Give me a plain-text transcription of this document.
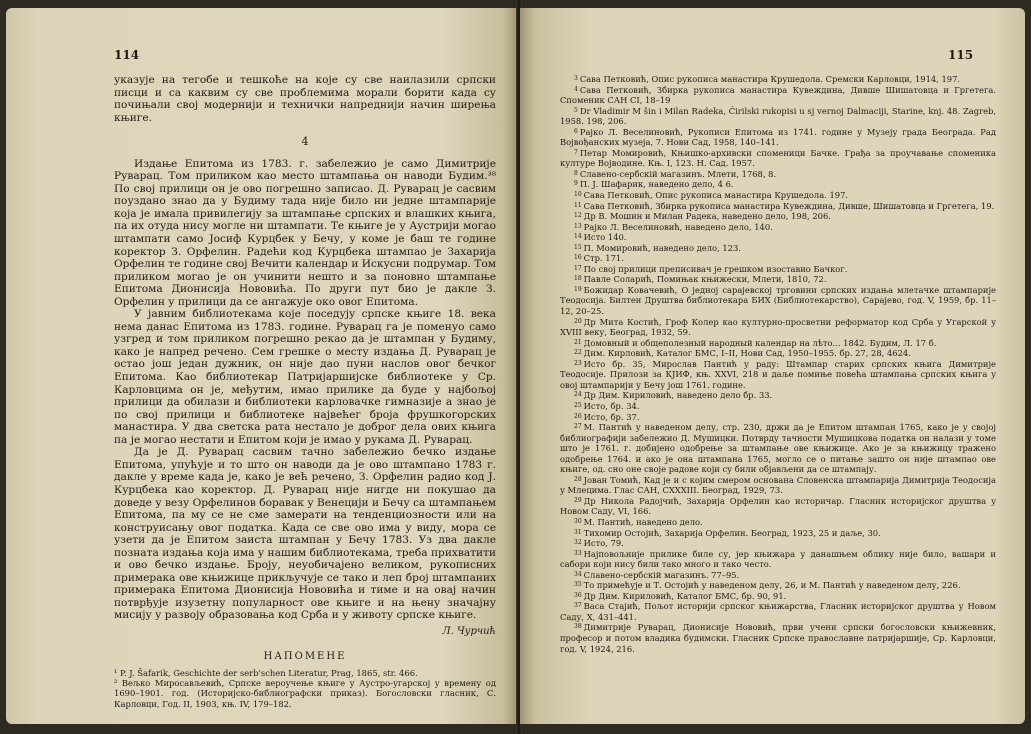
114

указује на тегобе и тешкоће на које су све наилазили српски писци и са каквим су све проблемима морали борити када су почињали свој модернији и технички напреднији начин ширења књиге.

4

Издање Епитома из 1783. г. забележио је само Димитрије Руварац. Том приликом као место штампања он наводи Будим.³⁸ По свој прилици он је ово погрешно записао. Д. Руварац је сасвим поуздано знао да у Будиму тада није било ни једне штампарије која је имала привилегију за штампање српских и влашких књига, па их отуда нису могле ни штампати. Те књиге је у Аустрији могао штампати само Јосиф Курцбек у Бечу, у коме је баш те године коректор З. Орфелин. Радећи код Курцбека штампао је Захарија Орфелин те године свој Вечити календар и Искусни подрумар. Том приликом могао је он учинити нешто и за поновно штампање Епитома Дионисија Нововића. По други пут био је дакле З. Орфелин у прилици да се ангажује око овог Епитома.

У јавним библиотекама које поседују српске књиге 18. века нема данас Епитома из 1783. године. Руварац га је поменуо само узгред и том приликом погрешно рекао да је штампан у Будиму, како је напред речено. Сем грешке о месту издања Д. Руварац је остао још један дужник, он није дао пуни наслов овог бечког Епитома. Као библиотекар Патријаршијске библиотеке у Ср. Карловцима он је, међутим, имао прилике да буде у најбољој прилици да обилази и библиотеки карловачке гимназије а знао је по свој прилици и библиотеке највећег броја фрушкогорских манастира. У два светска рата нестало је доброг дела ових књига па је могао нестати и Епитом који је имао у рукама Д. Руварац.

Да је Д. Руварац сасвим тачно забележио бечко издање Епитома, упућује и то што он наводи да је ово штампано 1783 г. дакле у време када је, како је већ речено, З. Орфелин радио код Ј. Курцбека као коректор. Д. Руварац није нигде ни покушао да доведе у везу Орфелинов боравак у Венецији и Бечу са штампањем Епитома, па му се не сме замерати на тенденциозности или на конструисању овог податка. Када се све ово има у виду, мора се узети да је Епитом заиста штампан у Бечу 1783. Уз два дакле позната издања која има у нашим библиотекама, треба прихватити и ово бечко издање. Броју, неуобичајено великом, рукописних примерака ове књижице прикључује се тако и леп број штампаних примерака Епитома Дионисија Нововића и тиме и на овај начин потврђује изузетну популарност ове књиге и на њену значајну мисију у развоју образовања код Срба и у животу српске књиге.

Л. Чурчић
НАПОМЕНЕ

¹ P. J. Šafarik, Geschichte der serb'schen Literatur, Prag, 1865, str. 466.

² Вељко Миросављевић, Српске вероучење књиге у Аустро-угарској у времену од 1690–1901. год. (Историјско-библиографски приказ). Богословски гласник, С. Карловци, Год. II, 1903, књ. IV, 179–182.

115

$^3$ Сава Петковић, Опис рукописа манастира Крушедола. Сремски Карловци, 1914, 197.

$^4$ Сава Петковић, Збирка рукописа манастира Кувеждина, Дивше Шишатовца и Гргетега. Споменик САН CI, 18–19

$^5$ Dr Vladimir M šin i Milan Radeka, Ćirilski rukopisi u sj vernoj Dalmaciji, Starine, knj. 48. Zagreb, 1958. 198, 206.

$^6$ Рајко Л. Веселиновић, Рукописи Епитома из 1741. године у Музеју града Београда. Рад Војвођанских музеја, 7. Нови Сад, 1958, 140–141.

$^7$ Петар Момировић, Књишко-архивски споменици Бачке. Грађа за проучавање споменика културе Војводине. Књ. I, 123. Н. Сад. 1957.

$^8$ Славено-сербскій магазинъ. Млети, 1768, 8.

$^9$ П. Ј. Шафарик, наведено дело, 4 6.

$^{10}$ Сава Петковић, Опис рукописа манастира Крушедола. 197.

$^{11}$ Сава Петковић, Збирка рукописа манастира Кувеждина, Дивше, Шишатовца и Гргетега, 19.

$^{12}$ Др В. Мошин и Милан Радека, наведено дело, 198, 206.

$^{13}$ Рајко Л. Веселиновић, наведено дело, 140.

$^{14}$ Исто 140.

$^{15}$ П. Момировић, наведено дело, 123.

$^{16}$ Стр. 171.

$^{17}$ По свој прилици преписивач је грешком изоставио Бачког.

$^{18}$ Павле Соларић, Помињак књижески, Млети, 1810, 72.

$^{19}$ Божидар Ковачевић, О једној сарајевској трговини српских издања млетачке штампарије Теодосија. Билтен Друштва библиотекара БИХ (Библиотекарство), Сарајево, год. V, 1959, бр. 11–12, 20–25.

$^{20}$ Др Мита Костић, Гроф Колер као културно-просветни реформатор код Срба у Угарской у XVIII веку, Београд, 1932, 59.

$^{21}$ Домовный и общеполезный народный календар на лѣто... 1842. Будим, Л. 17 б.

$^{22}$ Дим. Кирловић, Каталог БМС, I–II, Нови Сад, 1950–1955. бр. 27, 28, 4624.

$^{23}$ Исто бр. 35, Мирослав Пантић у раду: Штампар старих српских књига Димитрије Теодосије. Прилози за КЈИФ, књ. XXVI, 218 и даље помиње повећа штампања српских књига у овој штампарији у Бечу још 1761. године.

$^{24}$ Др Дим. Кириловић, наведено дело бр. 33.

$^{25}$ Исто, бр. 34.

$^{26}$ Исто, бр. 37.

$^{27}$ М. Пантић у наведеном делу, стр. 230, држи да је Епитом штампан 1765, како је у својој библиографији забележио Д. Мушицки. Потврду тачности Мушицкова податка он налази у томе што је 1761. г. добијено одобрење за штампање ове књижице. Ако је за књижицу тражено одобрење 1764. и ако је она штампана 1765, могло се о питање зашто он није штампао ове књиге, од. сно оне своје радове који су били објављени да се штампају.

$^{28}$ Јован Томић, Кад је и с којим смером основана Словенска штампарија Димитрија Теодосија у Млецима. Глас САН, CXXXIII. Београд, 1929, 73.

$^{29}$ Др Никола Радојчић, Захарија Орфелин као историчар. Гласник историјског друштва у Новом Саду, VI, 166.

$^{30}$ М. Пантић, наведено дело.

$^{31}$ Тихомир Остојић, Захарија Орфелин. Београд, 1923, 25 и даље, 30.

$^{32}$ Исто, 79.

$^{33}$ Најповољније прилике биле су, јер књижара у данашњем облику није било, вашари и сабори који нису били тако много и тако често.

$^{34}$ Славено-сербскій магазинъ. 77–95.

$^{35}$ То примећује и Т. Остојић у наведеном делу, 26, и М. Пантић у наведеном делу, 226.

$^{36}$ Др Дим. Кириловић, Каталог БМС, бр. 90, 91.

$^{37}$ Васа Стајић, Пољот историји српског књижарства, Гласник историјског друштва у Новом Саду, Х, 431–441.

$^{38}$ Димитрије Руварац, Дионисије Нововић, први учени српски богословски књижевник, професор и потом владика будимски. Гласник Српске православне патријаршије, Ср. Карловци, год. V, 1924, 216.
